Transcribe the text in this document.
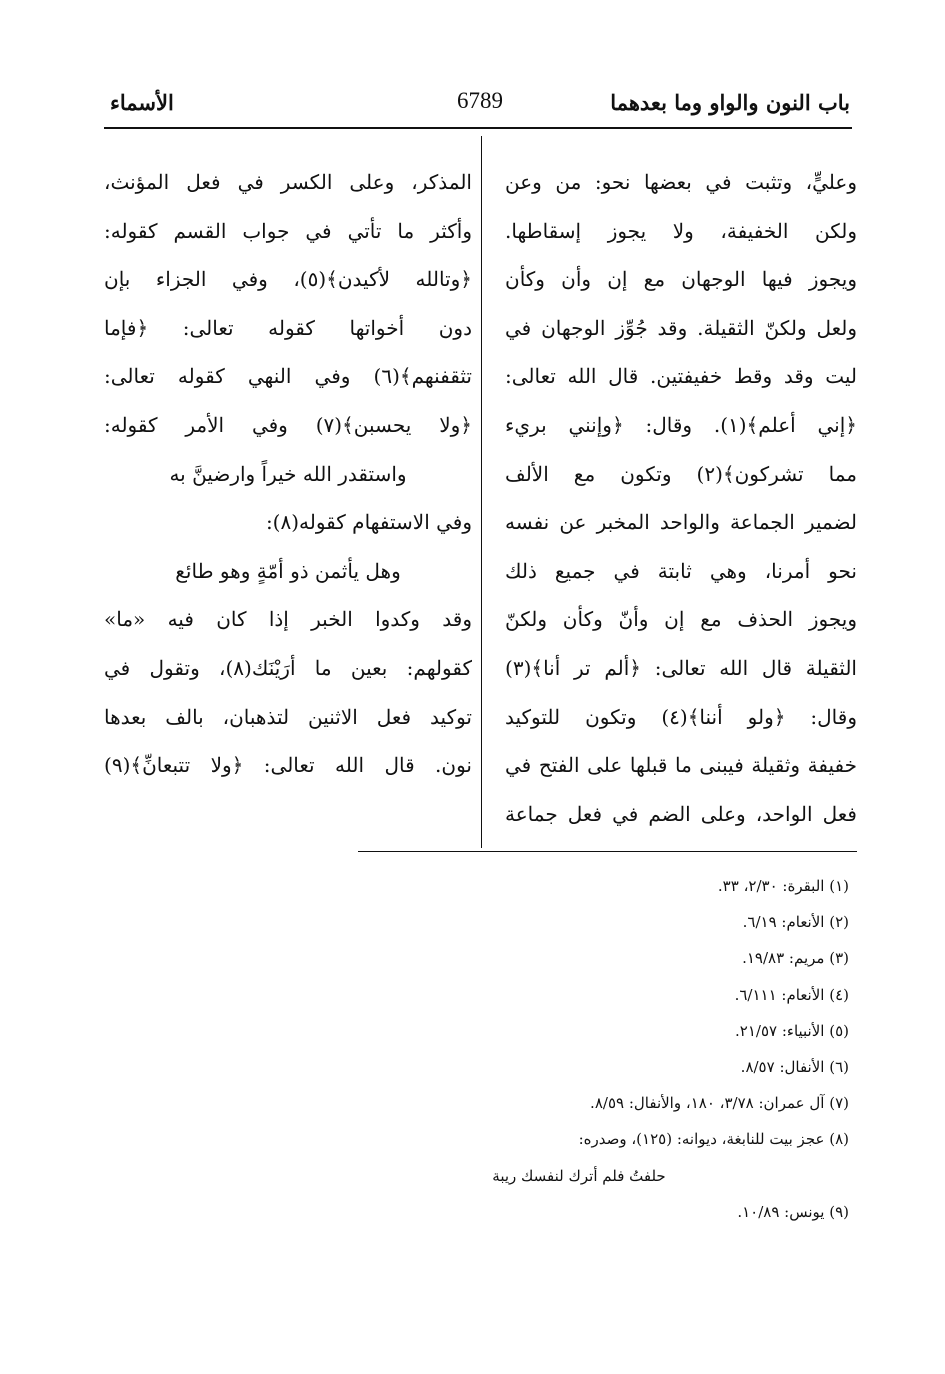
باب النون والواو وما بعدهما
6789
الأسماء
وعليٍّ، وتثبت في بعضها نحو: من وعن
ولكن الخفيفة، ولا يجوز إسقاطها.
ويجوز فيها الوجهان مع إن وأن وكأن
ولعل ولكنّ الثقيلة. وقد جُوِّز الوجهان في
ليت وقد وقط خفيفتين. قال الله تعالى:
﴿إني أعلم﴾(١). وقال: ﴿وإنني بريء
مما تشركون﴾(٢) وتكون مع الألف
لضمير الجماعة والواحد المخبر عن نفسه
نحو أمرنا، وهي ثابتة في جميع ذلك
ويجوز الحذف مع إن وأنّ وكأن ولكنّ
الثقيلة قال الله تعالى: ﴿ألم تر أنا﴾(٣)
وقال: ﴿ولو أننا﴾(٤) وتكون للتوكيد
خفيفة وثقيلة فيبنى ما قبلها على الفتح في
فعل الواحد، وعلى الضم في فعل جماعة
المذكر، وعلى الكسر في فعل المؤنث،
وأكثر ما تأتي في جواب القسم كقوله:
﴿وتالله لأكيدن﴾(٥)، وفي الجزاء بإن
دون أخواتها كقوله تعالى: ﴿فإما
تثقفنهم﴾(٦) وفي النهي كقوله تعالى:
﴿ولا يحسبن﴾(٧) وفي الأمر كقوله:
واستقدر الله خيراً وارضينَّ به
وفي الاستفهام كقوله(٨):
وهل يأثمن ذو أمّةٍ وهو طائع
وقد وكدوا الخبر إذا كان فيه «ما»
كقولهم: بعين ما أرَيْنَك(٨)، وتقول في
توكيد فعل الاثنين لتذهبان، بالف بعدها
نون. قال الله تعالى: ﴿ولا تتبعانِّ﴾(٩)
(١) البقرة: ٢/٣٠، ٣٣.
(٢) الأنعام: ٦/١٩.
(٣) مريم: ١٩/٨٣.
(٤) الأنعام: ٦/١١١.
(٥) الأنبياء: ٢١/٥٧.
(٦) الأنفال: ٨/٥٧.
(٧) آل عمران: ٣/٧٨، ١٨٠، والأنفال: ٨/٥٩.
(٨) عجز بيت للنابغة، ديوانه: (١٢٥)، وصدره:
حلفتُ فلم أترك لنفسك ريبة
(٩) يونس: ١٠/٨٩.
